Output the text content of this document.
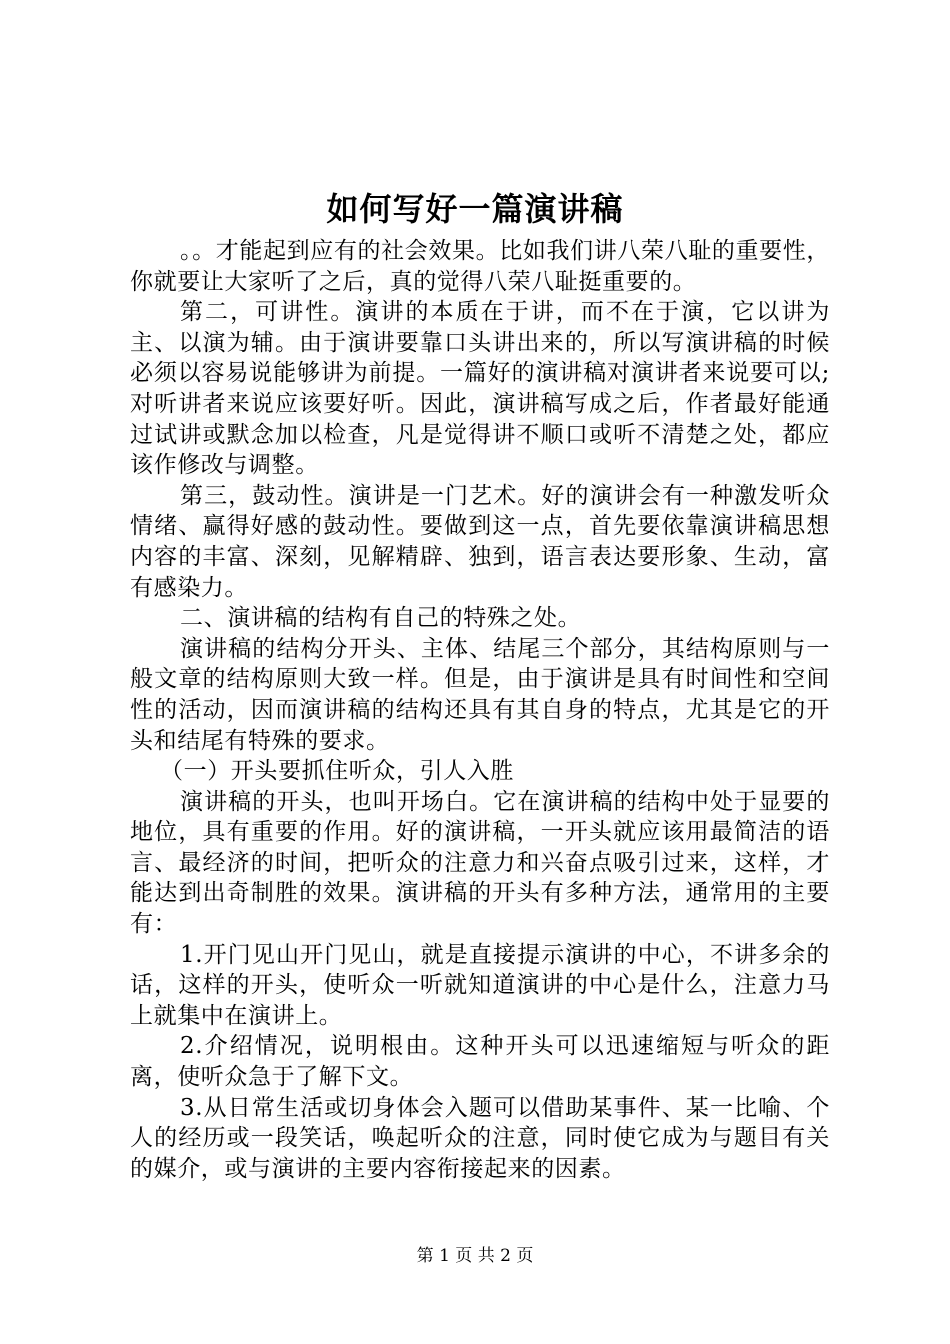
如何写好一篇演讲稿

。。才能起到应有的社会效果。比如我们讲八荣八耻的重要性，你就要让大家听了之后，真的觉得八荣八耻挺重要的。

第二，可讲性。演讲的本质在于讲，而不在于演，它以讲为主、以演为辅。由于演讲要靠口头讲出来的，所以写演讲稿的时候必须以容易说能够讲为前提。一篇好的演讲稿对演讲者来说要可以;对听讲者来说应该要好听。因此，演讲稿写成之后，作者最好能通过试讲或默念加以检查，凡是觉得讲不顺口或听不清楚之处，都应该作修改与调整。

第三，鼓动性。演讲是一门艺术。好的演讲会有一种激发听众情绪、赢得好感的鼓动性。要做到这一点，首先要依靠演讲稿思想内容的丰富、深刻，见解精辟、独到，语言表达要形象、生动，富有感染力。

二、演讲稿的结构有自己的特殊之处。

演讲稿的结构分开头、主体、结尾三个部分，其结构原则与一般文章的结构原则大致一样。但是，由于演讲是具有时间性和空间性的活动，因而演讲稿的结构还具有其自身的特点，尤其是它的开头和结尾有特殊的要求。

（一）开头要抓住听众，引人入胜

演讲稿的开头，也叫开场白。它在演讲稿的结构中处于显要的地位，具有重要的作用。好的演讲稿，一开头就应该用最简洁的语言、最经济的时间，把听众的注意力和兴奋点吸引过来，这样，才能达到出奇制胜的效果。演讲稿的开头有多种方法，通常用的主要有：

1.开门见山开门见山，就是直接提示演讲的中心，不讲多余的话，这样的开头，使听众一听就知道演讲的中心是什么，注意力马上就集中在演讲上。

2.介绍情况，说明根由。这种开头可以迅速缩短与听众的距离，使听众急于了解下文。

3.从日常生活或切身体会入题可以借助某事件、某一比喻、个人的经历或一段笑话，唤起听众的注意，同时使它成为与题目有关的媒介，或与演讲的主要内容衔接起来的因素。

第 1 页 共 2 页
